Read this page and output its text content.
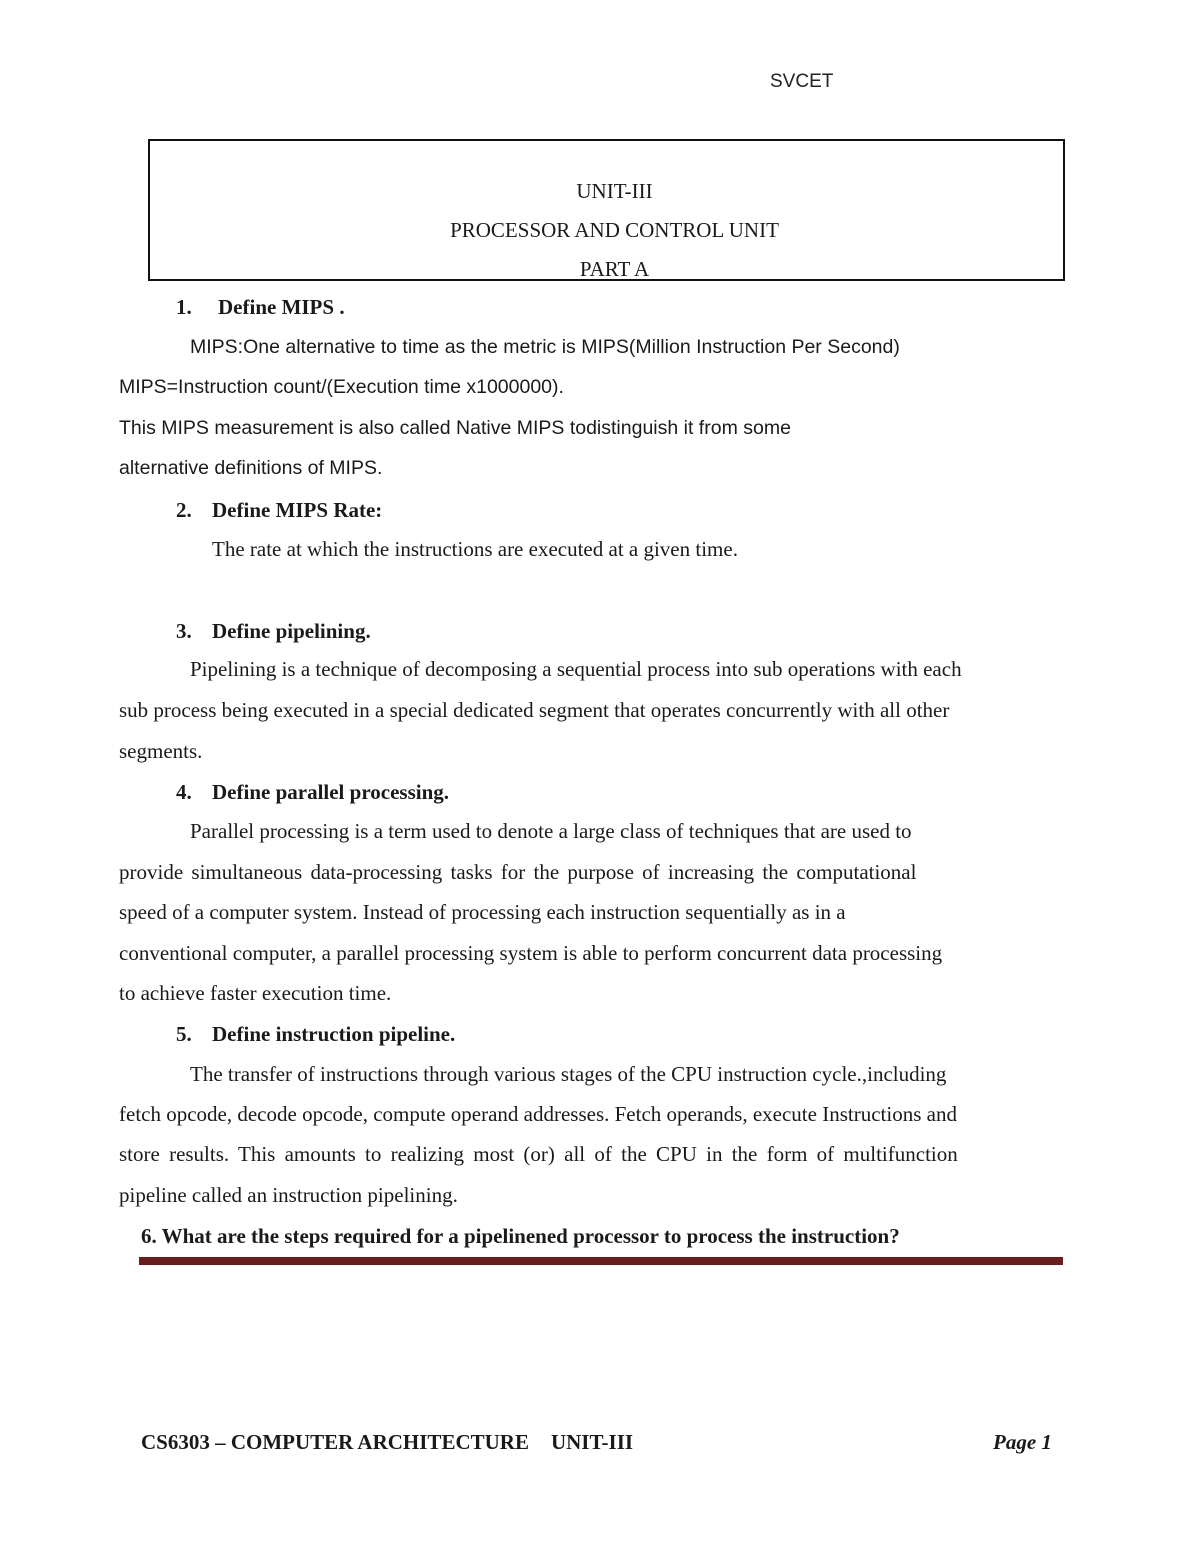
SVCET
UNIT-III
PROCESSOR AND CONTROL UNIT
PART A
1. Define MIPS .
MIPS:One alternative to time as the metric is MIPS(Million Instruction Per Second)
MIPS=Instruction count/(Execution time x1000000).
This MIPS measurement is also called Native MIPS todistinguish it from some
alternative definitions of MIPS.
2. Define MIPS Rate:
The rate at which the instructions are executed at a given time.
3. Define pipelining.
Pipelining is a technique of decomposing a sequential process into sub operations with each
sub process being executed in a special dedicated segment that operates concurrently with all other
segments.
4. Define parallel processing.
Parallel processing is a term used to denote a large class of techniques that are used to
provide simultaneous data-processing tasks for the purpose of increasing the computational
speed of a computer system. Instead of processing each instruction sequentially as in a
conventional computer, a parallel processing system is able to perform concurrent data processing
to achieve faster execution time.
5. Define instruction pipeline.
The transfer of instructions through various stages of the CPU instruction cycle.,including
fetch opcode, decode opcode, compute operand addresses. Fetch operands, execute Instructions and
store results. This amounts to realizing most (or) all of the CPU in the form of multifunction
pipeline called an instruction pipelining.
6. What are the steps required for a pipelinened processor to process the instruction?
CS6303 – COMPUTER ARCHITECTURE UNIT-III	Page 1
